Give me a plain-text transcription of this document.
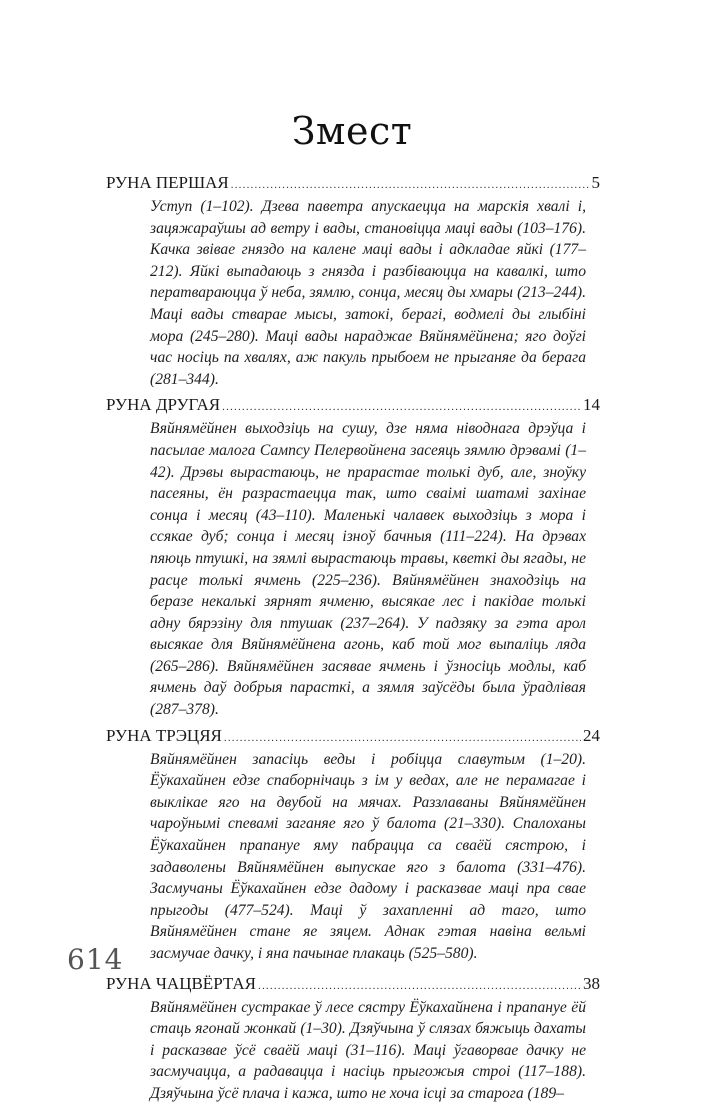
Змест
РУНА ПЕРШАЯ .....	5
Уступ (1–102). Дзева паветра апускаецца на марскія хвалі і, зацяжараўшы ад ветру і вады, становіцца маці вады (103–176). Качка звівае гняздо на калене маці вады і адкладае яйкі (177–212). Яйкі выпадаюць з гнязда і разбіваюцца на кавалкі, што ператвараюцца ў неба, зямлю, сонца, месяц ды хмары (213–244). Маці вады стварае мысы, затокі, берагі, водмелі ды глыбіні мора (245–280). Маці вады нараджае Вяйнямёйнена; яго доўгі час носіць па хвалях, аж пакуль прыбоем не прыганяе да берага (281–344).
РУНА ДРУГАЯ .....	14
Вяйнямёйнен выходзіць на сушу, дзе няма ніводнага дрэўца і пасылае малога Сампсу Пелервойнена засеяць зямлю дрэвамі (1–42). Дрэвы вырастаюць, не прарастае толькі дуб, але, зноўку пасеяны, ён разрастаецца так, што сваімі шатамі захінае сонца і месяц (43–110). Маленькі чалавек выходзіць з мора і ссякае дуб; сонца і месяц ізноў бачныя (111–224). На дрэвах пяюць птушкі, на зямлі вырастаюць травы, кветкі ды ягады, не расце толькі ячмень (225–236). Вяйнямёйнен знаходзіць на беразе некалькі зярнят ячменю, высякае лес і пакідае толькі адну бярэзіну для птушак (237–264). У падзяку за гэта арол высякае для Вяйнямёйнена агонь, каб той мог выпаліць ляда (265–286). Вяйнямёйнен засявае ячмень і ўзносіць модлы, каб ячмень даў добрыя парасткі, а зямля заўсёды была ўрадлівая (287–378).
РУНА ТРЭЦЯЯ .....	24
Вяйнямёйнен запасіць веды і робіцца славутым (1–20). Ёўкахайнен едзе спаборнічаць з ім у ведах, але не перамагае і выклікае яго на двубой на мячах. Раззлаваны Вяйнямёйнен чароўнымі спевамі заганяе яго ў балота (21–330). Спалоханы Ёўкахайнен прапануе яму пабрацца са сваёй сястрою, і задаволены Вяйнямёйнен выпускае яго з балота (331–476). Засмучаны Ёўкахайнен едзе дадому і расказвае маці пра свае прыгоды (477–524). Маці ў захапленні ад таго, што Вяйнямёйнен стане яе зяцем. Аднак гэтая навіна вельмі засмучае дачку, і яна пачынае плакаць (525–580).
РУНА ЧАЦВЁРТАЯ .....	38
Вяйнямёйнен сустракае ў лесе сястру Ёўкахайнена і прапануе ёй стаць ягонай жонкай (1–30). Дзяўчына ў слязах бяжыць дахаты і расказвае ўсё сваёй маці (31–116). Маці ўгаворвае дачку не засмучацца, а радавацца і насіць прыгожыя строі (117–188). Дзяўчына ўсё плача і кажа, што не хоча ісці за старога (189–
614
